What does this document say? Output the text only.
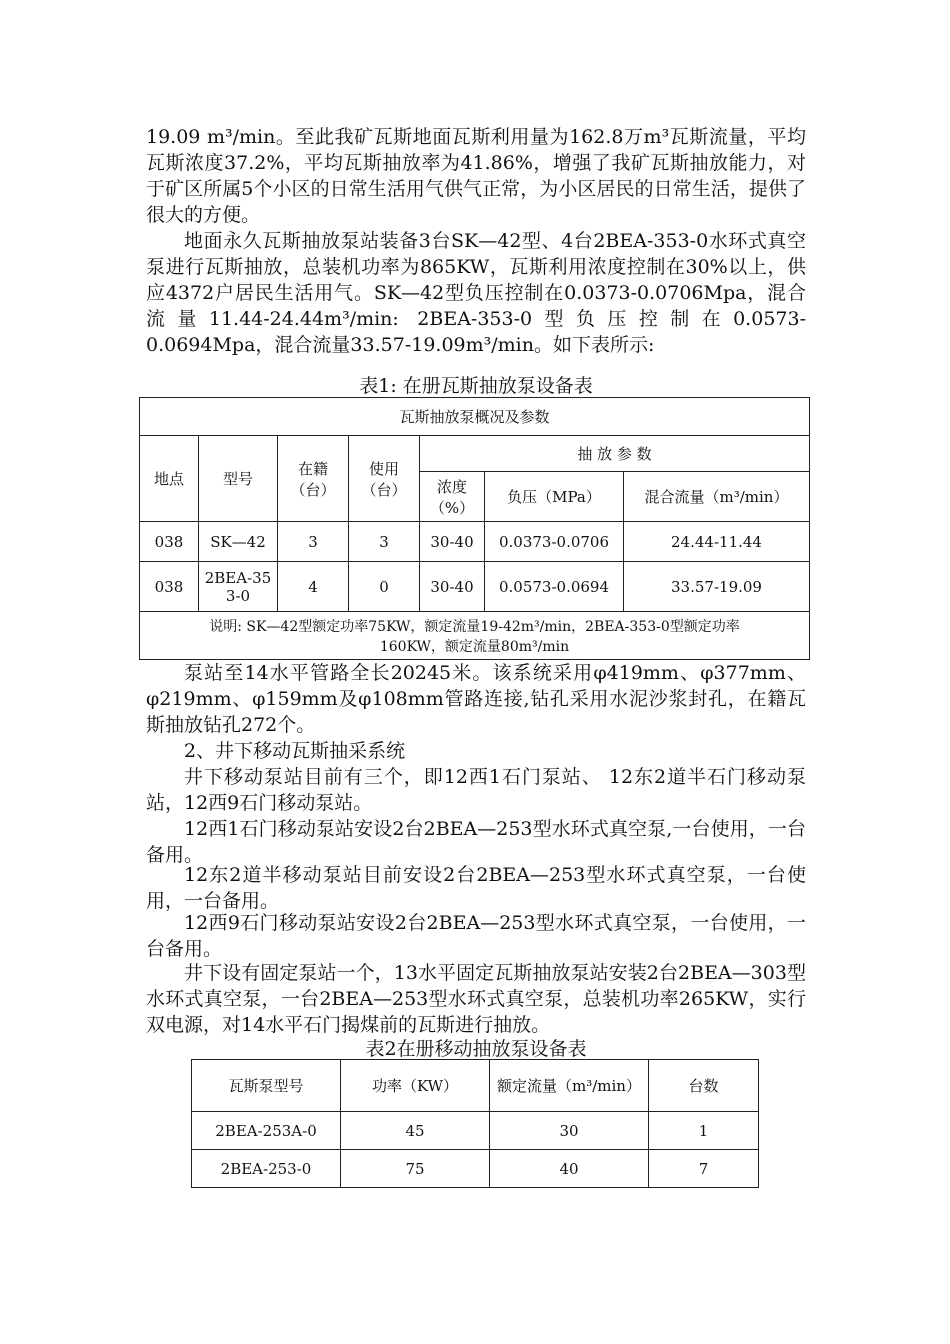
19.09 m³/min。至此我矿瓦斯地面瓦斯利用量为162.8万m³瓦斯流量，平均瓦斯浓度37.2%，平均瓦斯抽放率为41.86%，增强了我矿瓦斯抽放能力，对于矿区所属5个小区的日常生活用气供气正常，为小区居民的日常生活，提供了很大的方便。

地面永久瓦斯抽放泵站装备3台SK—42型、4台2BEA-353-0水环式真空泵进行瓦斯抽放，总装机功率为865KW，瓦斯利用浓度控制在30%以上，供应4372户居民生活用气。SK—42型负压控制在0.0373-0.0706Mpa，混合流量11.44-24.44m³/min: 2BEA-353-0型负压控制在0.0573-0.0694Mpa，混合流量33.57-19.09m³/min。如下表所示:

表1: 在册瓦斯抽放泵设备表

瓦斯抽放泵概况及参数						
地点	型号	在籍（台）	使用（台）	抽 放 参 数		
				浓度（%）	负压（MPa）	混合流量（m³/min）
038	SK—42	3	3	30-40	0.0373-0.0706	24.44-11.44
038	2BEA-353-0	4	0	30-40	0.0573-0.0694	33.57-19.09
说明: SK—42型额定功率75KW，额定流量19-42m³/min，2BEA-353-0型额定功率160KW，额定流量80m³/min						

泵站至14水平管路全长20245米。该系统采用φ419mm、φ377mm、φ219mm、φ159mm及φ108mm管路连接,钻孔采用水泥沙浆封孔，在籍瓦斯抽放钻孔272个。

2、井下移动瓦斯抽采系统

井下移动泵站目前有三个，即12西1石门泵站、 12东2道半石门移动泵站，12西9石门移动泵站。

12西1石门移动泵站安设2台2BEA—253型水环式真空泵,一台使用，一台备用。

12东2道半移动泵站目前安设2台2BEA—253型水环式真空泵，一台使用，一台备用。

12西9石门移动泵站安设2台2BEA—253型水环式真空泵，一台使用，一台备用。

井下设有固定泵站一个，13水平固定瓦斯抽放泵站安装2台2BEA—303型水环式真空泵，一台2BEA—253型水环式真空泵，总装机功率265KW，实行双电源，对14水平石门揭煤前的瓦斯进行抽放。

表2在册移动抽放泵设备表

瓦斯泵型号	功率（KW）	额定流量（m³/min）	台数
2BEA-253A-0	45	30	1
2BEA-253-0	75	40	7
